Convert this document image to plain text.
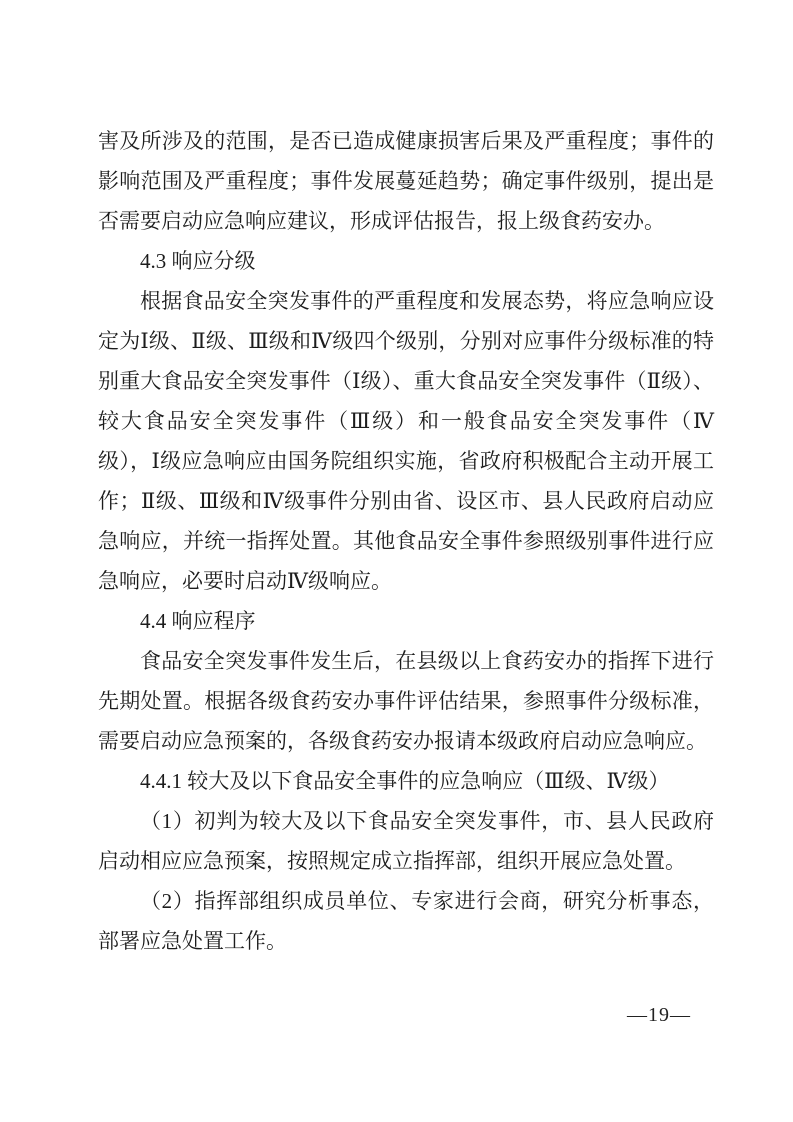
害及所涉及的范围，是否已造成健康损害后果及严重程度；事件的影响范围及严重程度；事件发展蔓延趋势；确定事件级别，提出是否需要启动应急响应建议，形成评估报告，报上级食药安办。

4.3 响应分级

根据食品安全突发事件的严重程度和发展态势，将应急响应设定为Ⅰ级、Ⅱ级、Ⅲ级和Ⅳ级四个级别，分别对应事件分级标准的特别重大食品安全突发事件（Ⅰ级）、重大食品安全突发事件（Ⅱ级）、较大食品安全突发事件（Ⅲ级）和一般食品安全突发事件（Ⅳ级），Ⅰ级应急响应由国务院组织实施，省政府积极配合主动开展工作；Ⅱ级、Ⅲ级和Ⅳ级事件分别由省、设区市、县人民政府启动应急响应，并统一指挥处置。其他食品安全事件参照级别事件进行应急响应，必要时启动Ⅳ级响应。

4.4 响应程序

食品安全突发事件发生后，在县级以上食药安办的指挥下进行先期处置。根据各级食药安办事件评估结果，参照事件分级标准，需要启动应急预案的，各级食药安办报请本级政府启动应急响应。

4.4.1 较大及以下食品安全事件的应急响应（Ⅲ级、Ⅳ级）

（1）初判为较大及以下食品安全突发事件，市、县人民政府启动相应应急预案，按照规定成立指挥部，组织开展应急处置。

（2）指挥部组织成员单位、专家进行会商，研究分析事态，部署应急处置工作。

—19—
